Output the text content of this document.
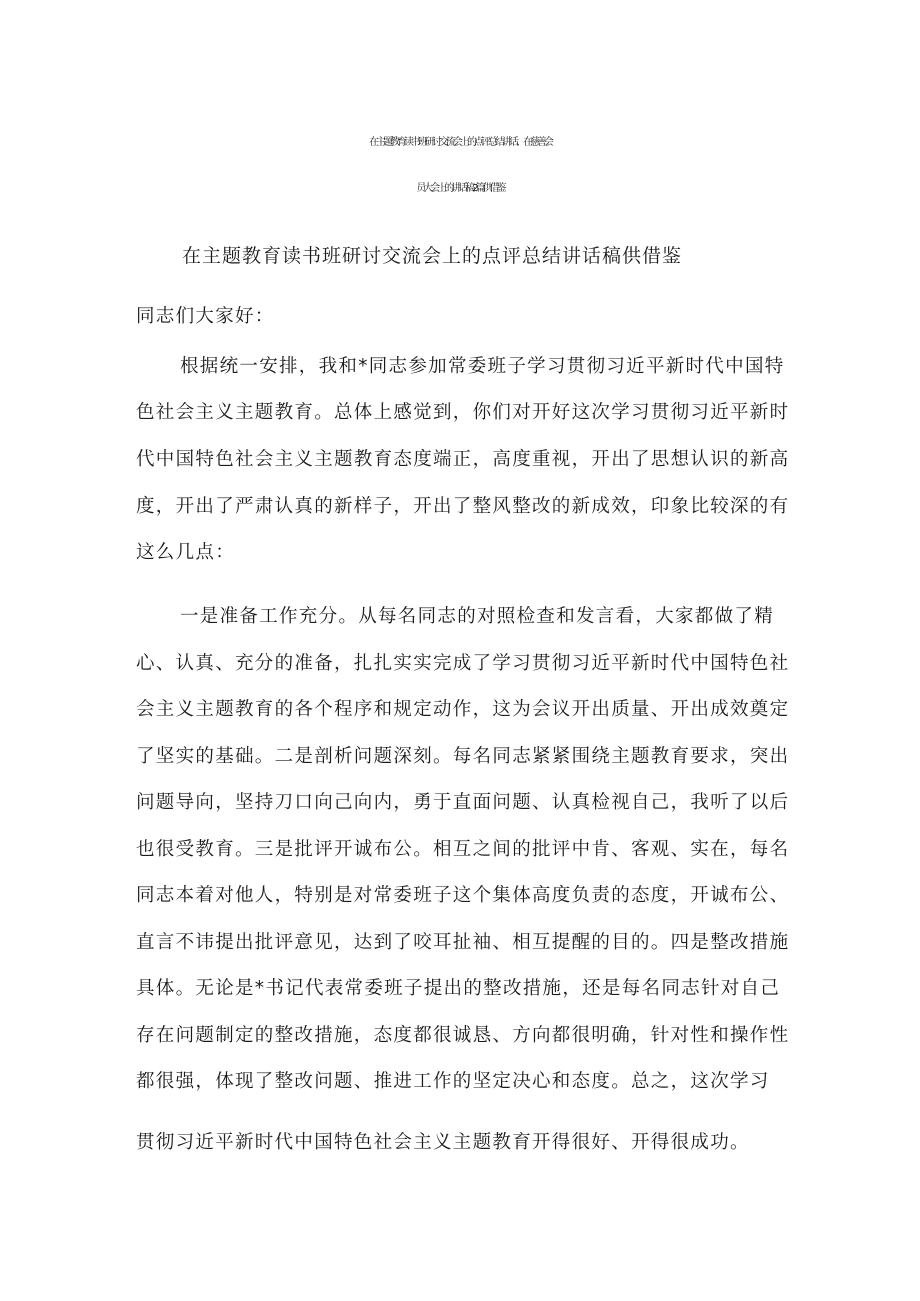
在主题教育读书班研讨交流会上的点评总结讲话、在慈善会
员大会上的讲话稿2篇供借鉴
在主题教育读书班研讨交流会上的点评总结讲话稿供借鉴
同志们大家好：
根据统一安排，我和*同志参加常委班子学习贯彻习近平新时代中国特
色社会主义主题教育。总体上感觉到，你们对开好这次学习贯彻习近平新时
代中国特色社会主义主题教育态度端正，高度重视，开出了思想认识的新高
度，开出了严肃认真的新样子，开出了整风整改的新成效，印象比较深的有
这么几点：
一是准备工作充分。从每名同志的对照检查和发言看，大家都做了精
心、认真、充分的准备，扎扎实实完成了学习贯彻习近平新时代中国特色社
会主义主题教育的各个程序和规定动作，这为会议开出质量、开出成效奠定
了坚实的基础。二是剖析问题深刻。每名同志紧紧围绕主题教育要求，突出
问题导向，坚持刀口向己向内，勇于直面问题、认真检视自己，我听了以后
也很受教育。三是批评开诚布公。相互之间的批评中肯、客观、实在，每名
同志本着对他人，特别是对常委班子这个集体高度负责的态度，开诚布公、
直言不讳提出批评意见，达到了咬耳扯袖、相互提醒的目的。四是整改措施
具体。无论是*书记代表常委班子提出的整改措施，还是每名同志针对自己
存在问题制定的整改措施，态度都很诚恳、方向都很明确，针对性和操作性
都很强，体现了整改问题、推进工作的坚定决心和态度。总之，这次学习
贯彻习近平新时代中国特色社会主义主题教育开得很好、开得很成功。
